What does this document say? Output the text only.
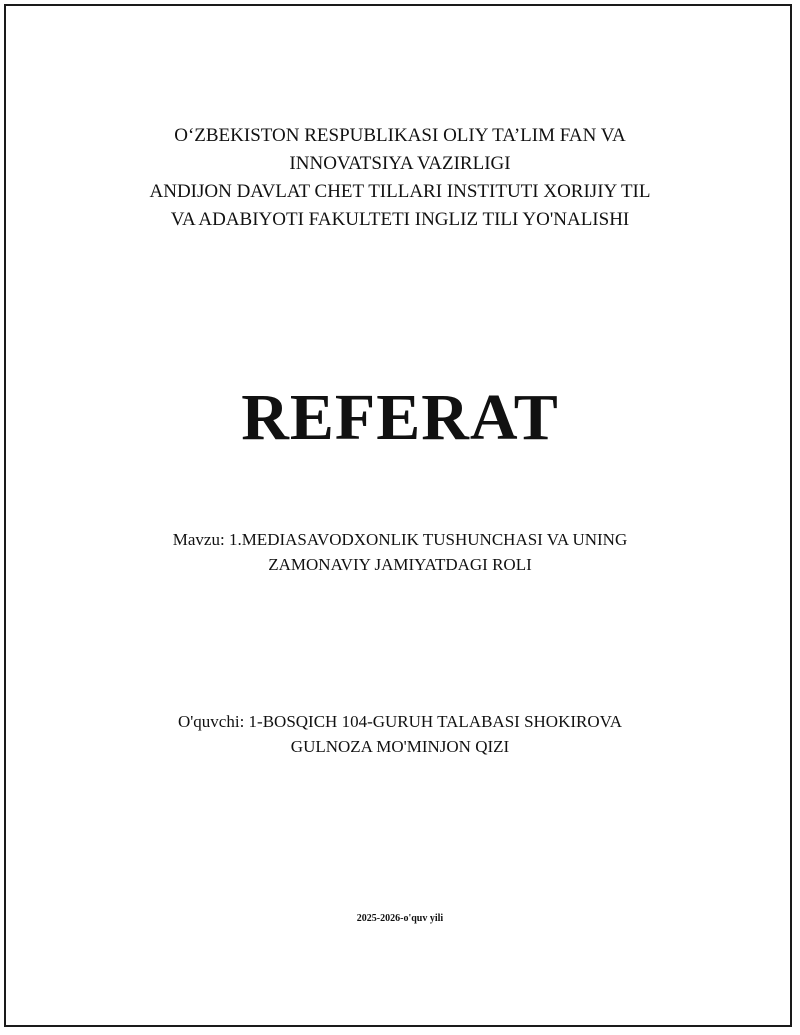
O‘ZBEKISTON RESPUBLIKASI OLIY TA’LIM FAN VA
INNOVATSIYA VAZIRLIGI
ANDIJON DAVLAT CHET TILLARI INSTITUTI XORIJIY TIL
VA ADABIYOTI FAKULTETI INGLIZ TILI YO'NALISHI
REFERAT
Mavzu: 1.MEDIASAVODXONLIK TUSHUNCHASI VA UNING
ZAMONAVIY JAMIYATDAGI ROLI
O'quvchi: 1-BOSQICH 104-GURUH TALABASI SHOKIROVA
GULNOZA MO'MINJON QIZI
2025-2026-o'quv yili
